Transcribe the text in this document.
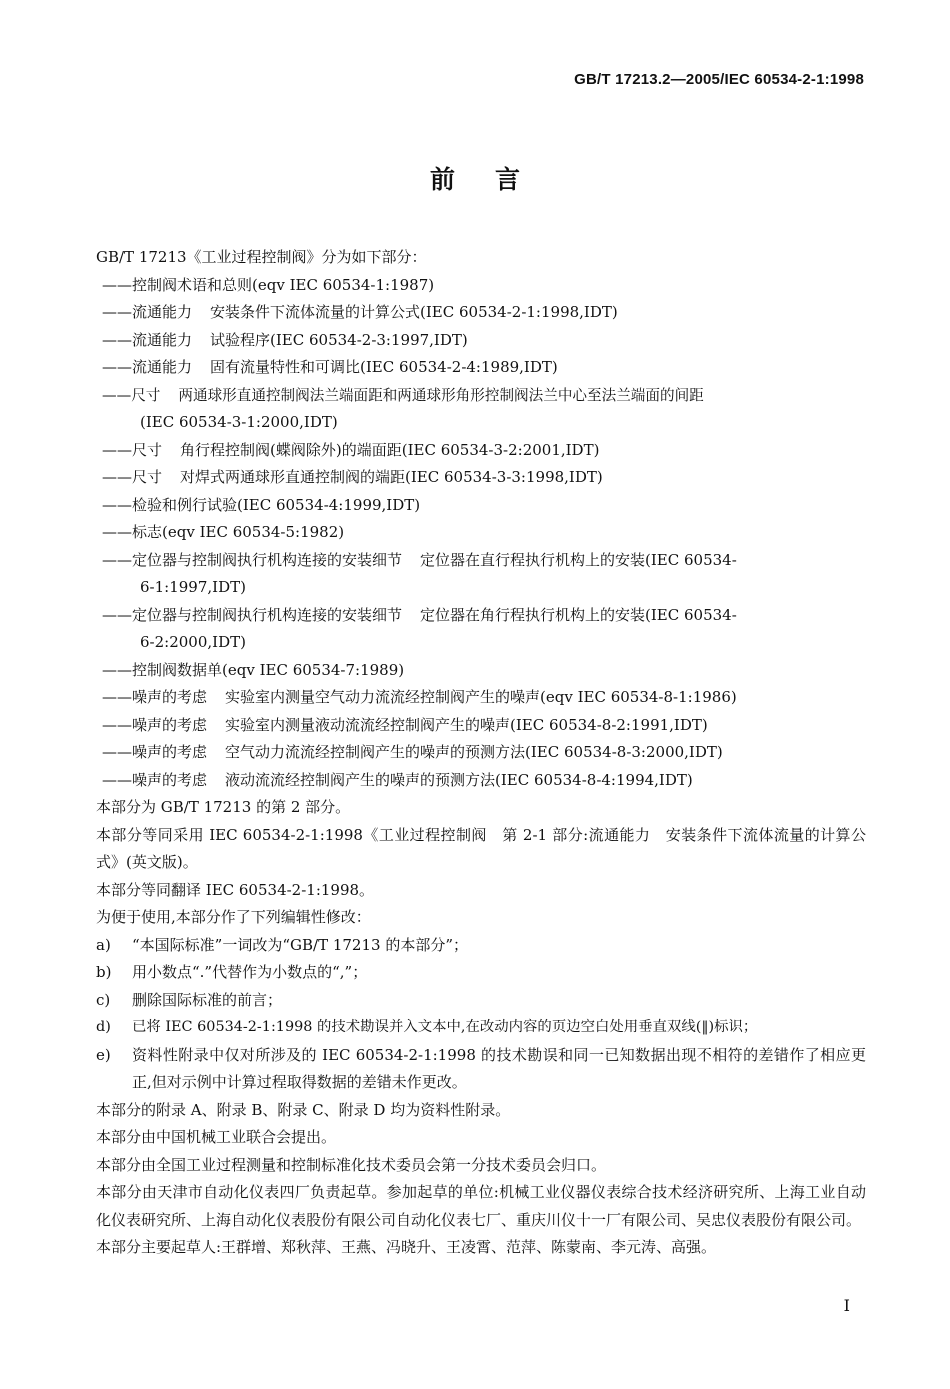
GB/T 17213.2—2005/IEC 60534-2-1:1998
前言
GB/T 17213《工业过程控制阀》分为如下部分：
——控制阀术语和总则(eqv IEC 60534-1:1987)
——流通能力 安装条件下流体流量的计算公式(IEC 60534-2-1:1998,IDT)
——流通能力 试验程序(IEC 60534-2-3:1997,IDT)
——流通能力 固有流量特性和可调比(IEC 60534-2-4:1989,IDT)
——尺寸 两通球形直通控制阀法兰端面距和两通球形角形控制阀法兰中心至法兰端面的间距
(IEC 60534-3-1:2000,IDT)
——尺寸 角行程控制阀(蝶阀除外)的端面距(IEC 60534-3-2:2001,IDT)
——尺寸 对焊式两通球形直通控制阀的端距(IEC 60534-3-3:1998,IDT)
——检验和例行试验(IEC 60534-4:1999,IDT)
——标志(eqv IEC 60534-5:1982)
——定位器与控制阀执行机构连接的安装细节 定位器在直行程执行机构上的安装(IEC 60534-
6-1:1997,IDT)
——定位器与控制阀执行机构连接的安装细节 定位器在角行程执行机构上的安装(IEC 60534-
6-2:2000,IDT)
——控制阀数据单(eqv IEC 60534-7:1989)
——噪声的考虑 实验室内测量空气动力流流经控制阀产生的噪声(eqv IEC 60534-8-1:1986)
——噪声的考虑 实验室内测量液动流流经控制阀产生的噪声(IEC 60534-8-2:1991,IDT)
——噪声的考虑 空气动力流流经控制阀产生的噪声的预测方法(IEC 60534-8-3:2000,IDT)
——噪声的考虑 液动流流经控制阀产生的噪声的预测方法(IEC 60534-8-4:1994,IDT)
本部分为 GB/T 17213 的第 2 部分。
本部分等同采用 IEC 60534-2-1:1998《工业过程控制阀　第 2-1 部分:流通能力　安装条件下流体流量的计算公式》(英文版)。
本部分等同翻译 IEC 60534-2-1:1998。
为便于使用,本部分作了下列编辑性修改：
a) “本国际标准”一词改为“GB/T 17213 的本部分”；
b) 用小数点“.”代替作为小数点的“,”；
c) 删除国际标准的前言；
d) 已将 IEC 60534-2-1:1998 的技术勘误并入文本中,在改动内容的页边空白处用垂直双线(‖)标识；
e) 资料性附录中仅对所涉及的 IEC 60534-2-1:1998 的技术勘误和同一已知数据出现不相符的差错作了相应更正,但对示例中计算过程取得数据的差错未作更改。
本部分的附录 A、附录 B、附录 C、附录 D 均为资料性附录。
本部分由中国机械工业联合会提出。
本部分由全国工业过程测量和控制标准化技术委员会第一分技术委员会归口。
本部分由天津市自动化仪表四厂负责起草。参加起草的单位:机械工业仪器仪表综合技术经济研究所、上海工业自动化仪表研究所、上海自动化仪表股份有限公司自动化仪表七厂、重庆川仪十一厂有限公司、吴忠仪表股份有限公司。
本部分主要起草人:王群增、郑秋萍、王燕、冯晓升、王凌霄、范萍、陈蒙南、李元涛、高强。
I
